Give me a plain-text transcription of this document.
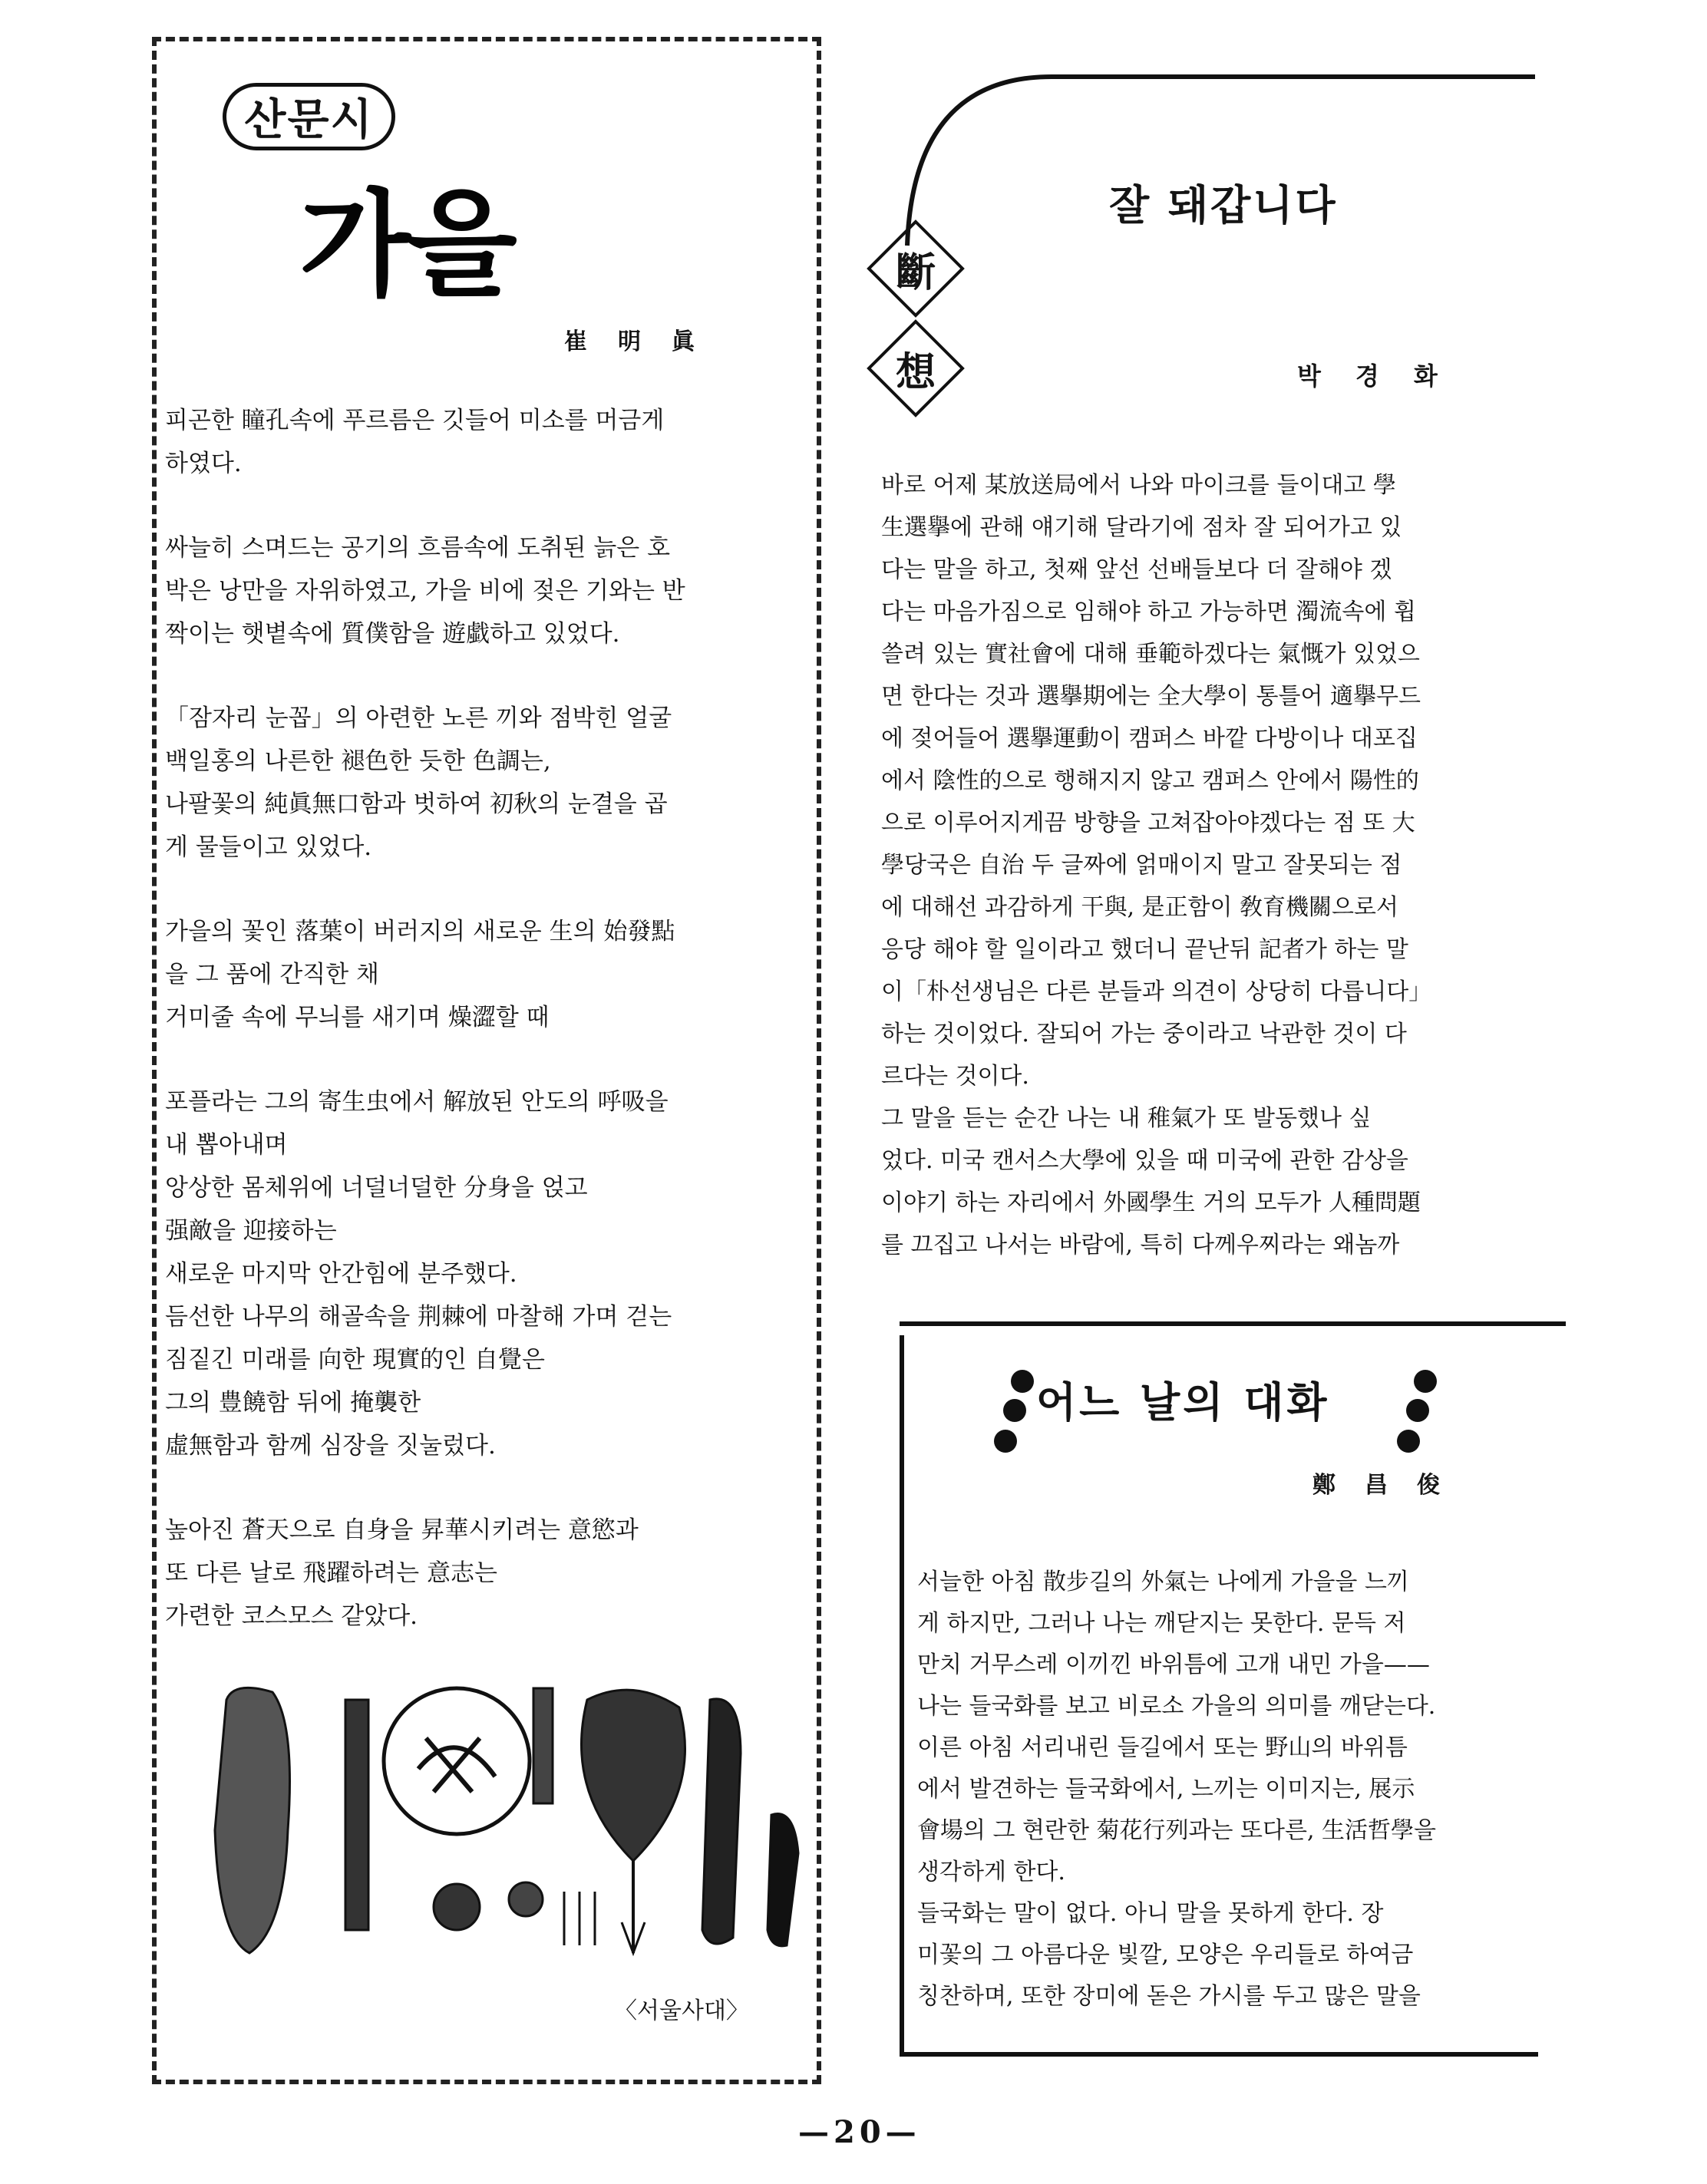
산문시
가을
崔明眞
피곤한 瞳孔속에 푸르름은 깃들어 미소를 머금게
하였다.
싸늘히 스며드는 공기의 흐름속에 도취된 늙은 호
박은 낭만을 자위하였고, 가을 비에 젖은 기와는 반
짝이는 햇볕속에 質僕함을 遊戱하고 있었다.
「잠자리 눈꼽」의 아련한 노른 끼와 점박힌 얼굴
백일홍의 나른한 褪色한 듯한 色調는,
나팔꽃의 純眞無口함과 벗하여 初秋의 눈결을 곱
게 물들이고 있었다.
가을의 꽃인 落葉이 버러지의 새로운 生의 始發點
을 그 품에 간직한 채
거미줄 속에 무늬를 새기며 燥澀할 때
포플라는 그의 寄生虫에서 解放된 안도의 呼吸을
내 뽑아내며
앙상한 몸체위에 너덜너덜한 分身을 얹고
强敵을 迎接하는
새로운 마지막 안간힘에 분주했다.
듬선한 나무의 해골속을 荆棘에 마찰해 가며 걷는
짐짙긴 미래를 向한 現實的인 自覺은
그의 豊饒함 뒤에 掩襲한
虛無함과 함께 심장을 짓눌렀다.
높아진 蒼天으로 自身을 昇華시키려는 意慾과
또 다른 날로 飛躍하려는 意志는
가련한 코스모스 같았다.
〈서울사대〉
잘 돼갑니다
斷
想	박경화
바로 어제 某放送局에서 나와 마이크를 들이대고 學
生選擧에 관해 얘기해 달라기에 점차 잘 되어가고 있
다는 말을 하고, 첫째 앞선 선배들보다 더 잘해야 겠
다는 마음가짐으로 임해야 하고 가능하면 濁流속에 휩
쓸려 있는 實社會에 대해 垂範하겠다는 氣慨가 있었으
면 한다는 것과 選擧期에는 全大學이 통틀어 適擧무드
에 젖어들어 選擧運動이 캠퍼스 바깥 다방이나 대포집
에서 陰性的으로 행해지지 않고 캠퍼스 안에서 陽性的
으로 이루어지게끔 방향을 고쳐잡아야겠다는 점 또 大
學당국은 自治 두 글짜에 얽매이지 말고 잘못되는 점
에 대해선 과감하게 干與, 是正함이 敎育機關으로서
응당 해야 할 일이라고 했더니 끝난뒤 記者가 하는 말
이「朴선생님은 다른 분들과 의견이 상당히 다릅니다」
하는 것이었다. 잘되어 가는 중이라고 낙관한 것이 다
르다는 것이다.
그 말을 듣는 순간 나는 내 稚氣가 또 발동했나 싶
었다. 미국 캔서스大學에 있을 때 미국에 관한 감상을
이야기 하는 자리에서 外國學生 거의 모두가 人種問題
를 끄집고 나서는 바람에, 특히 다께우찌라는 왜놈까
어느 날의 대화
鄭昌俊
서늘한 아침 散步길의 外氣는 나에게 가을을 느끼
게 하지만, 그러나 나는 깨닫지는 못한다. 문득 저
만치 거무스레 이끼낀 바위틈에 고개 내민 가을——
나는 들국화를 보고 비로소 가을의 의미를 깨닫는다.
이른 아침 서리내린 들길에서 또는 野山의 바위틈
에서 발견하는 들국화에서, 느끼는 이미지는, 展示
會場의 그 현란한 菊花行列과는 또다른, 生活哲學을
생각하게 한다.
들국화는 말이 없다. 아니 말을 못하게 한다. 장
미꽃의 그 아름다운 빛깔, 모양은 우리들로 하여금
칭찬하며, 또한 장미에 돋은 가시를 두고 많은 말을
—20—
